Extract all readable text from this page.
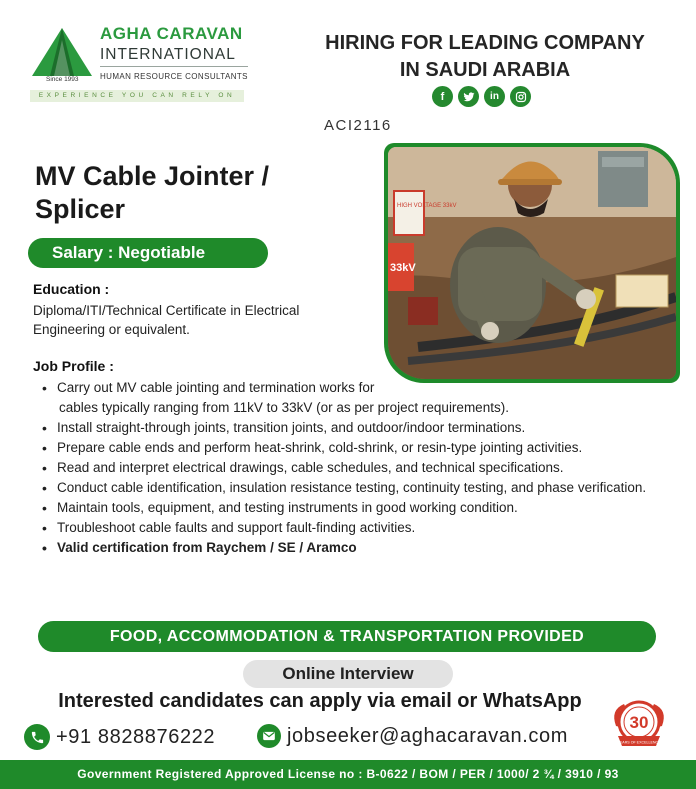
Since 1993
AGHA CARAVAN
INTERNATIONAL
HUMAN RESOURCE CONSULTANTS
EXPERIENCE YOU CAN RELY ON
HIRING FOR LEADING COMPANY
IN SAUDI ARABIA
f	in
ACI2116
HIGH VOLTAGE 33kV
33kV
MV Cable Jointer /
Splicer
Salary : Negotiable
Education :
Diploma/ITI/Technical Certificate in Electrical
Engineering or equivalent.
Job Profile :
• Carry out MV cable jointing and termination works for
cables typically ranging from 11kV to 33kV (or as per project requirements).
• Install straight-through joints, transition joints, and outdoor/indoor terminations.
• Prepare cable ends and perform heat-shrink, cold-shrink, or resin-type jointing activities.
• Read and interpret electrical drawings, cable schedules, and technical specifications.
• Conduct cable identification, insulation resistance testing, continuity testing, and phase verification.
• Maintain tools, equipment, and testing instruments in good working condition.
• Troubleshoot cable faults and support fault-finding activities.
• Valid certification from Raychem / SE / Aramco
FOOD, ACCOMMODATION & TRANSPORTATION PROVIDED
Online Interview
Interested candidates can apply via email or WhatsApp
+91 8828876222	jobseeker@aghacaravan.com
30
YEARS OF EXCELLENCE
Government Registered Approved License no : B-0622 / BOM / PER / 1000/ 2 ¾ / 3910 / 93
